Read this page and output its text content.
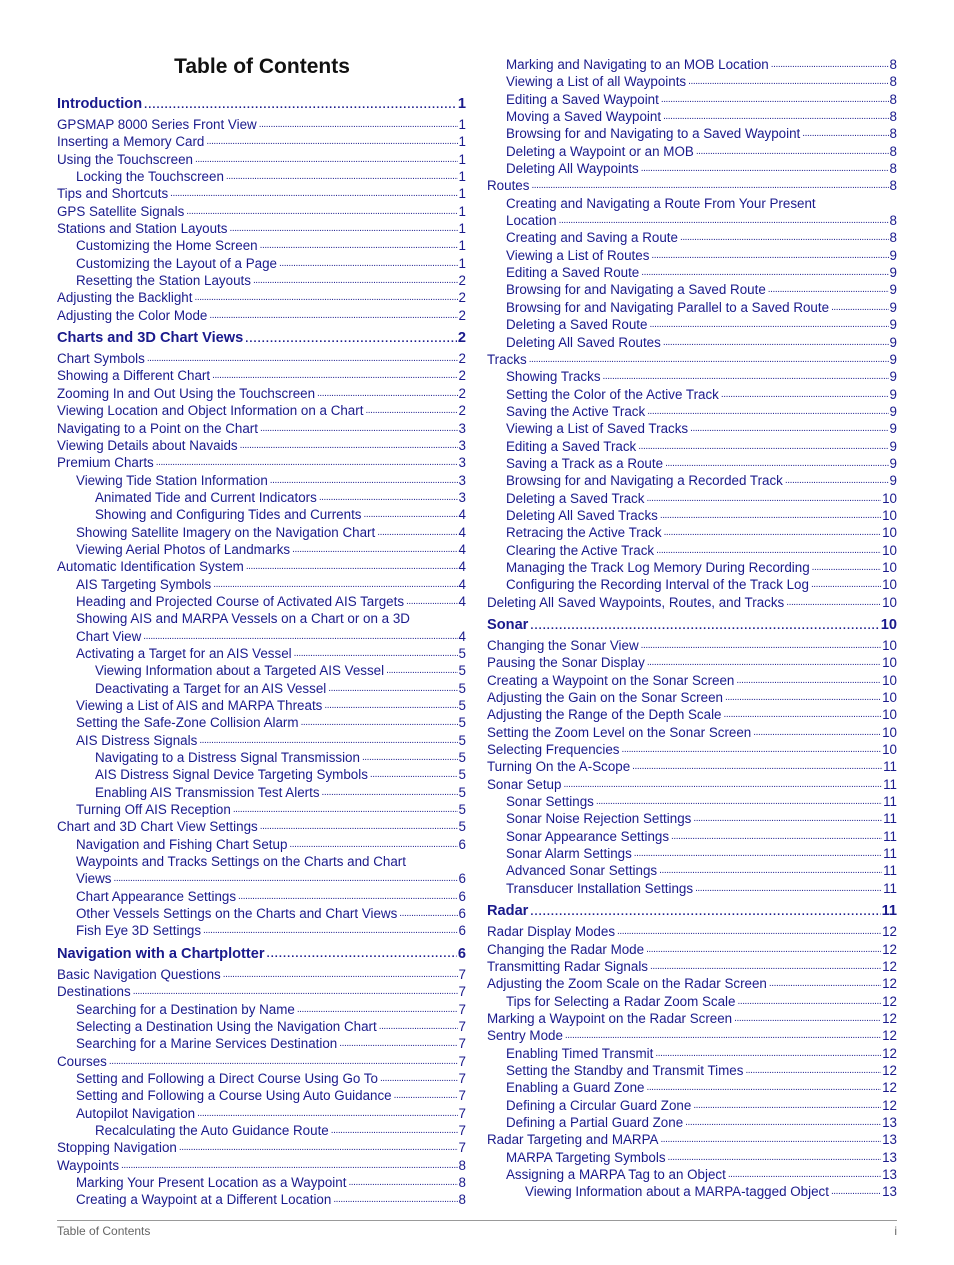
Table of Contents
Introduction . . .	1
GPSMAP 8000 Series Front View . . .	1
Inserting a Memory Card . . .	1
Using the Touchscreen . . .	1
Locking the Touchscreen . . .	1
Tips and Shortcuts . . .	1
GPS Satellite Signals . . .	1
Stations and Station Layouts . . .	1
Customizing the Home Screen . . .	1
Customizing the Layout of a Page . . .	1
Resetting the Station Layouts . . .	2
Adjusting the Backlight . . .	2
Adjusting the Color Mode . . .	2
Charts and 3D Chart Views . . .	2
Chart Symbols . . .	2
Showing a Different Chart . . .	2
Zooming In and Out Using the Touchscreen . . .	2
Viewing Location and Object Information on a Chart . . .	2
Navigating to a Point on the Chart . . .	3
Viewing Details about Navaids . . .	3
Premium Charts . . .	3
Viewing Tide Station Information . . .	3
Animated Tide and Current Indicators . . .	3
Showing and Configuring Tides and Currents . . .	4
Showing Satellite Imagery on the Navigation Chart . . .	4
Viewing Aerial Photos of Landmarks . . .	4
Automatic Identification System . . .	4
AIS Targeting Symbols . . .	4
Heading and Projected Course of Activated AIS Targets . . .	4
Showing AIS and MARPA Vessels on a Chart or on a 3D
Chart View . . .	4
Activating a Target for an AIS Vessel . . .	5
Viewing Information about a Targeted AIS Vessel . . .	5
Deactivating a Target for an AIS Vessel . . .	5
Viewing a List of AIS and MARPA Threats . . .	5
Setting the Safe-Zone Collision Alarm . . .	5
AIS Distress Signals . . .	5
Navigating to a Distress Signal Transmission . . .	5
AIS Distress Signal Device Targeting Symbols . . .	5
Enabling AIS Transmission Test Alerts . . .	5
Turning Off AIS Reception . . .	5
Chart and 3D Chart View Settings . . .	5
Navigation and Fishing Chart Setup . . .	6
Waypoints and Tracks Settings on the Charts and Chart
Views . . .	6
Chart Appearance Settings . . .	6
Other Vessels Settings on the Charts and Chart Views . . .	6
Fish Eye 3D Settings . . .	6
Navigation with a Chartplotter . . .	6
Basic Navigation Questions . . .	7
Destinations . . .	7
Searching for a Destination by Name . . .	7
Selecting a Destination Using the Navigation Chart . . .	7
Searching for a Marine Services Destination . . .	7
Courses . . .	7
Setting and Following a Direct Course Using Go To . . .	7
Setting and Following a Course Using Auto Guidance . . .	7
Autopilot Navigation . . .	7
Recalculating the Auto Guidance Route . . .	7
Stopping Navigation . . .	7
Waypoints . . .	8
Marking Your Present Location as a Waypoint . . .	8
Creating a Waypoint at a Different Location . . .	8
Marking and Navigating to an MOB Location . . .	8
Viewing a List of all Waypoints . . .	8
Editing a Saved Waypoint . . .	8
Moving a Saved Waypoint . . .	8
Browsing for and Navigating to a Saved Waypoint . . .	8
Deleting a Waypoint or an MOB . . .	8
Deleting All Waypoints . . .	8
Routes . . .	8
Creating and Navigating a Route From Your Present
Location . . .	8
Creating and Saving a Route . . .	8
Viewing a List of Routes . . .	9
Editing a Saved Route . . .	9
Browsing for and Navigating a Saved Route . . .	9
Browsing for and Navigating Parallel to a Saved Route . . .	9
Deleting a Saved Route . . .	9
Deleting All Saved Routes . . .	9
Tracks . . .	9
Showing Tracks . . .	9
Setting the Color of the Active Track . . .	9
Saving the Active Track . . .	9
Viewing a List of Saved Tracks . . .	9
Editing a Saved Track . . .	9
Saving a Track as a Route . . .	9
Browsing for and Navigating a Recorded Track . . .	9
Deleting a Saved Track . . .	10
Deleting All Saved Tracks . . .	10
Retracing the Active Track . . .	10
Clearing the Active Track . . .	10
Managing the Track Log Memory During Recording . . .	10
Configuring the Recording Interval of the Track Log . . .	10
Deleting All Saved Waypoints, Routes, and Tracks . . .	10
Sonar . . .	10
Changing the Sonar View . . .	10
Pausing the Sonar Display . . .	10
Creating a Waypoint on the Sonar Screen . . .	10
Adjusting the Gain on the Sonar Screen . . .	10
Adjusting the Range of the Depth Scale . . .	10
Setting the Zoom Level on the Sonar Screen . . .	10
Selecting Frequencies . . .	10
Turning On the A-Scope . . .	11
Sonar Setup . . .	11
Sonar Settings . . .	11
Sonar Noise Rejection Settings . . .	11
Sonar Appearance Settings . . .	11
Sonar Alarm Settings . . .	11
Advanced Sonar Settings . . .	11
Transducer Installation Settings . . .	11
Radar . . .	11
Radar Display Modes . . .	12
Changing the Radar Mode . . .	12
Transmitting Radar Signals . . .	12
Adjusting the Zoom Scale on the Radar Screen . . .	12
Tips for Selecting a Radar Zoom Scale . . .	12
Marking a Waypoint on the Radar Screen . . .	12
Sentry Mode . . .	12
Enabling Timed Transmit . . .	12
Setting the Standby and Transmit Times . . .	12
Enabling a Guard Zone . . .	12
Defining a Circular Guard Zone . . .	12
Defining a Partial Guard Zone . . .	13
Radar Targeting and MARPA . . .	13
MARPA Targeting Symbols . . .	13
Assigning a MARPA Tag to an Object . . .	13
Viewing Information about a MARPA-tagged Object . . .	13
Table of Contents	i
